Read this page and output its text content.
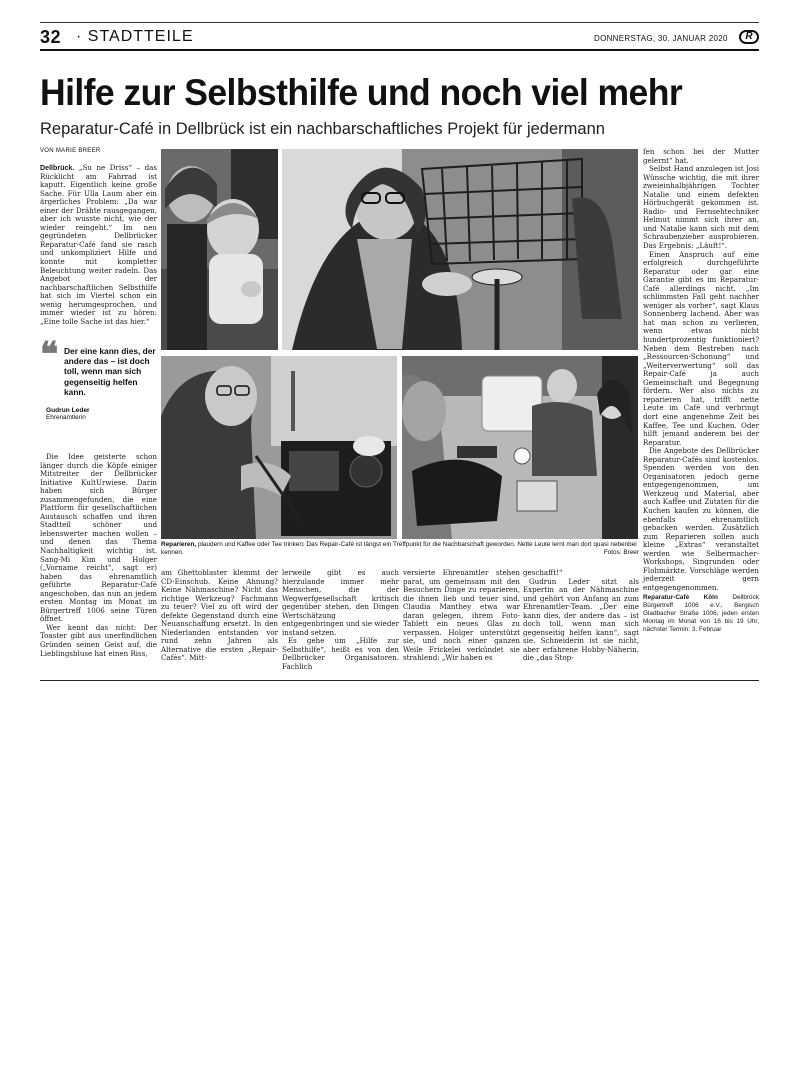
32 · STADTTEILE	DONNERSTAG, 30. JANUAR 2020	R
Hilfe zur Selbsthilfe und noch viel mehr
Reparatur-Café in Dellbrück ist ein nachbarschaftliches Projekt für jedermann
VON MARIE BREER

Dellbrück. „Su ne Driss“ – das Rücklicht am Fahrrad ist kaputt. Eigentlich keine große Sache. Für Ulla Laum aber ein ärgerliches Problem: „Da war einer der Drähte rausgegangen, aber ich wusste nicht, wie der wieder reingeht.“ Im neu gegründeten Dellbrücker Reparatur-Café fand sie rasch und unkompliziert Hilfe und konnte mit kompletter Beleuchtung weiter radeln. Das Angebot der nachbarschaftlichen Selbsthilfe hat sich im Viertel schon ein wenig herumgesprochen, und immer wieder ist zu hören: „Eine tolle Sache ist das hier.“

❝ Der eine kann dies, der andere das – ist doch toll, wenn man sich gegenseitig helfen kann.
Gudrun Leder
Ehrenamtlerin

Die Idee geisterte schon länger durch die Köpfe einiger Mitstreiter der Dellbrücker Initiative KultUrwiese. Darin haben sich Bürger zusammengefunden, die eine Plattform für gesellschaftlichen Austausch schaffen und ihren Stadtteil schöner und lebenswerter machen wollen – und denen das Thema Nachhaltigkeit wichtig ist. Sang-Mi Kim und Holger („Vorname reicht“, sagt er) haben das ehrenamtlich geführte Reparatur-Café angeschoben, das nun an jedem ersten Montag im Monat im Bürgertreff 1006 seine Türen öffnet.

Wer kennt das nicht: Der Toaster gibt aus unerfindlichen Gründen seinen Geist auf, die Lieblingsbluse hat einen Riss,

Reparieren, plaudern und Kaffee oder Tee trinken: Das Repair-Café ist längst ein Treffpunkt für die Nachbarschaft geworden. Nette Leute lernt man dort quasi nebenbei kennen.	Fotos: Breer

am Ghettoblaster klemmt der CD-Einschub. Keine Ahnung? Keine Nähmaschine? Nicht das richtige Werkzeug? Fachmann zu teuer? Viel zu oft wird der defekte Gegenstand durch eine Neuanschaffung ersetzt. In den Niederlanden entstanden vor rund zehn Jahren als Alternative die ersten „Repair-Cafés“. Mitt-

lerweile gibt es auch hierzulande immer mehr Menschen, die der Wegwerfgesellschaft kritisch gegenüber stehen, den Dingen Wertschätzung entgegenbringen und sie wieder instand setzen.

Es gehe um „Hilfe zur Selbsthilfe“, heißt es von den Dellbrücker Organisatoren. Fachlich

versierte Ehrenamtler stehen parat, um gemeinsam mit den Besuchern Dinge zu reparieren, die ihnen lieb und teuer sind. Claudia Manthey etwa war daran gelegen, ihrem Foto-Tablett ein neues Glas zu verpassen. Holger unterstützt sie, und noch einer ganzen Weile Frickelei verkündet sie strahlend: „Wir haben es

geschafft!“

Gudrun Leder sitzt als Expertin an der Nähmaschine und gehört von Anfang an zum Ehrenamtler-Team. „Der eine kann dies, der andere das – ist doch toll, wenn man sich gegenseitig helfen kann“, sagt sie. Schneiderin ist sie nicht, aber erfahrene Hobby-Näherin, die „das Stop-

fen schon bei der Mutter gelernt“ hat.

Selbst Hand anzulegen ist Josi Wünsche wichtig, die mit ihrer zweieinhalbjährigen Tochter Natalie und einem defekten Hörbuchgerät gekommen ist. Radio- und Fernsehtechniker Helmut nimmt sich ihrer an, und Natalie kann sich mit dem Schraubenzieher ausprobieren. Das Ergebnis: „Läuft!“.

Einen Anspruch auf eine erfolgreich durchgeführte Reparatur oder gar eine Garantie gibt es im Reparatur-Café allerdings nicht. „Im schlimmsten Fall geht nachher weniger als vorher“, sagt Klaus Sonnenberg lachend. Aber was hat man schon zu verlieren, wenn etwas nicht hundertprozentig funktioniert? Neben dem Bestreben nach „Ressourcen-Schonung“ und „Weiterverwertung“ soll das Repair-Café ja auch Gemeinschaft und Begegnung fördern. Wer also nichts zu reparieren hat, trifft nette Leute im Café und verbringt dort eine angenehme Zeit bei Kaffee, Tee und Kuchen. Oder hilft jemand anderem bei der Reparatur.

Die Angebote des Dellbrücker Reparatur-Cafés sind kostenlos. Spenden werden von den Organisatoren jedoch gerne entgegengenommen, um Werkzeug und Material, aber auch Kaffee und Zutaten für die Kuchen kaufen zu können, die ebenfalls ehrenamtlich gebacken werden. Zusätzlich zum Reparieren sollen auch kleine „Extras“ veranstaltet werden wie Selbermacher-Workshops, Singrunden oder Flohmärkte. Vorschläge werden jederzeit gern entgegengenommen.

Reparatur-Café Köln Dellbrück Bürgertreff 1006 e.V., Bergisch Gladbacher Straße 1006, jeden ersten Montag im Monat von 16 bis 19 Uhr, nächster Termin: 3. Februar
